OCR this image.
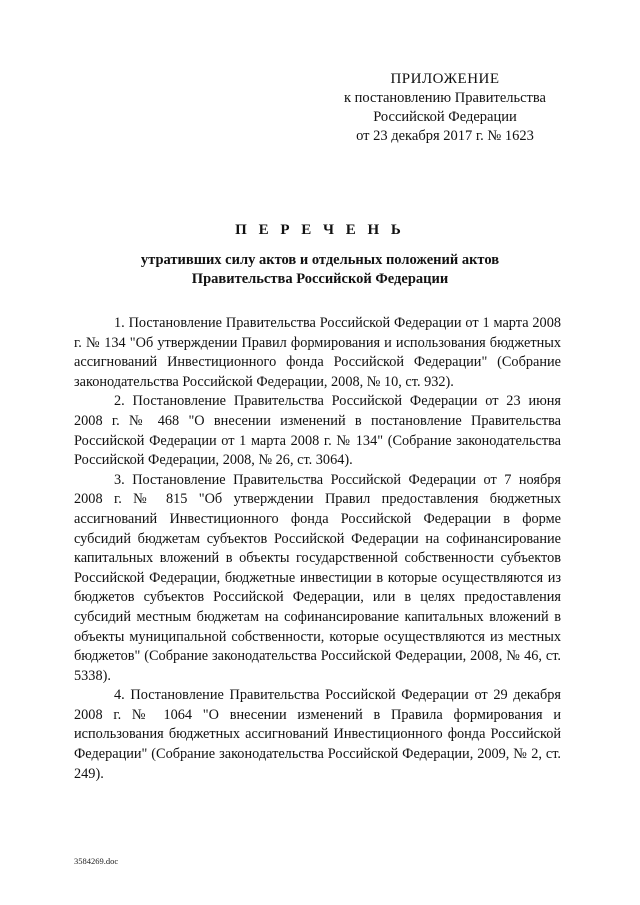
ПРИЛОЖЕНИЕ
к постановлению Правительства
Российской Федерации
от 23 декабря 2017 г. № 1623
П Е Р Е Ч Е Н Ь
утративших силу актов и отдельных положений актов
Правительства Российской Федерации

1. Постановление Правительства Российской Федерации от 1 марта 2008 г. № 134 "Об утверждении Правил формирования и использования бюджетных ассигнований Инвестиционного фонда Российской Федерации" (Собрание законодательства Российской Федерации, 2008, № 10, ст. 932).

2. Постановление Правительства Российской Федерации от 23 июня 2008 г. № 468 "О внесении изменений в постановление Правительства Российской Федерации от 1 марта 2008 г. № 134" (Собрание законодательства Российской Федерации, 2008, № 26, ст. 3064).

3. Постановление Правительства Российской Федерации от 7 ноября 2008 г. № 815 "Об утверждении Правил предоставления бюджетных ассигнований Инвестиционного фонда Российской Федерации в форме субсидий бюджетам субъектов Российской Федерации на софинансирование капитальных вложений в объекты государственной собственности субъектов Российской Федерации, бюджетные инвестиции в которые осуществляются из бюджетов субъектов Российской Федерации, или в целях предоставления субсидий местным бюджетам на софинансирование капитальных вложений в объекты муниципальной собственности, которые осуществляются из местных бюджетов" (Собрание законодательства Российской Федерации, 2008, № 46, ст. 5338).

4. Постановление Правительства Российской Федерации от 29 декабря 2008 г. № 1064 "О внесении изменений в Правила формирования и использования бюджетных ассигнований Инвестиционного фонда Российской Федерации" (Собрание законодательства Российской Федерации, 2009, № 2, ст. 249).

3584269.doc
